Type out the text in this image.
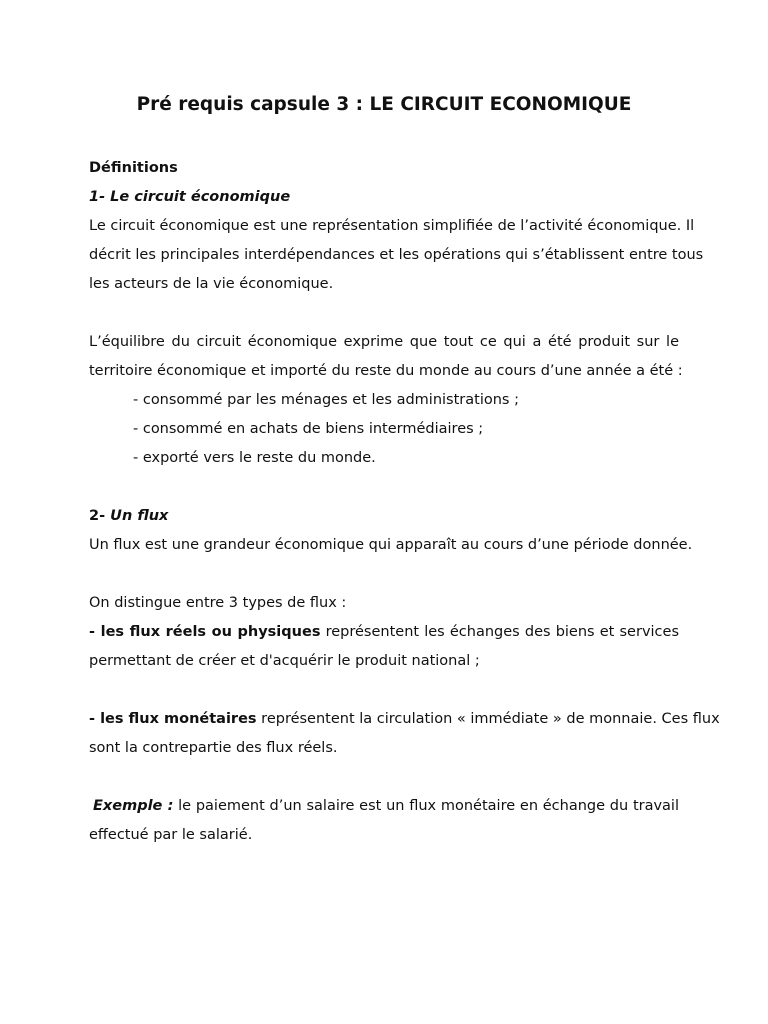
Pré requis capsule 3 : LE CIRCUIT ECONOMIQUE
Définitions
1- Le circuit économique
Le circuit économique est une représentation simplifiée de l’activité économique. Il
décrit les principales interdépendances et les opérations qui s’établissent entre tous
les acteurs de la vie économique.
L’équilibre du circuit économique exprime que tout ce qui a été produit sur le
territoire économique et importé du reste du monde au cours d’une année a été :
- consommé par les ménages et les administrations ;
- consommé en achats de biens intermédiaires ;
- exporté vers le reste du monde.
2- Un flux
Un flux est une grandeur économique qui apparaît au cours d’une période donnée.
On distingue entre 3 types de flux :
- les flux réels ou physiques représentent les échanges des biens et services
permettant de créer et d'acquérir le produit national ;
- les flux monétaires représentent la circulation « immédiate » de monnaie. Ces flux
sont la contrepartie des flux réels.
Exemple : le paiement d’un salaire est un flux monétaire en échange du travail
effectué par le salarié.
